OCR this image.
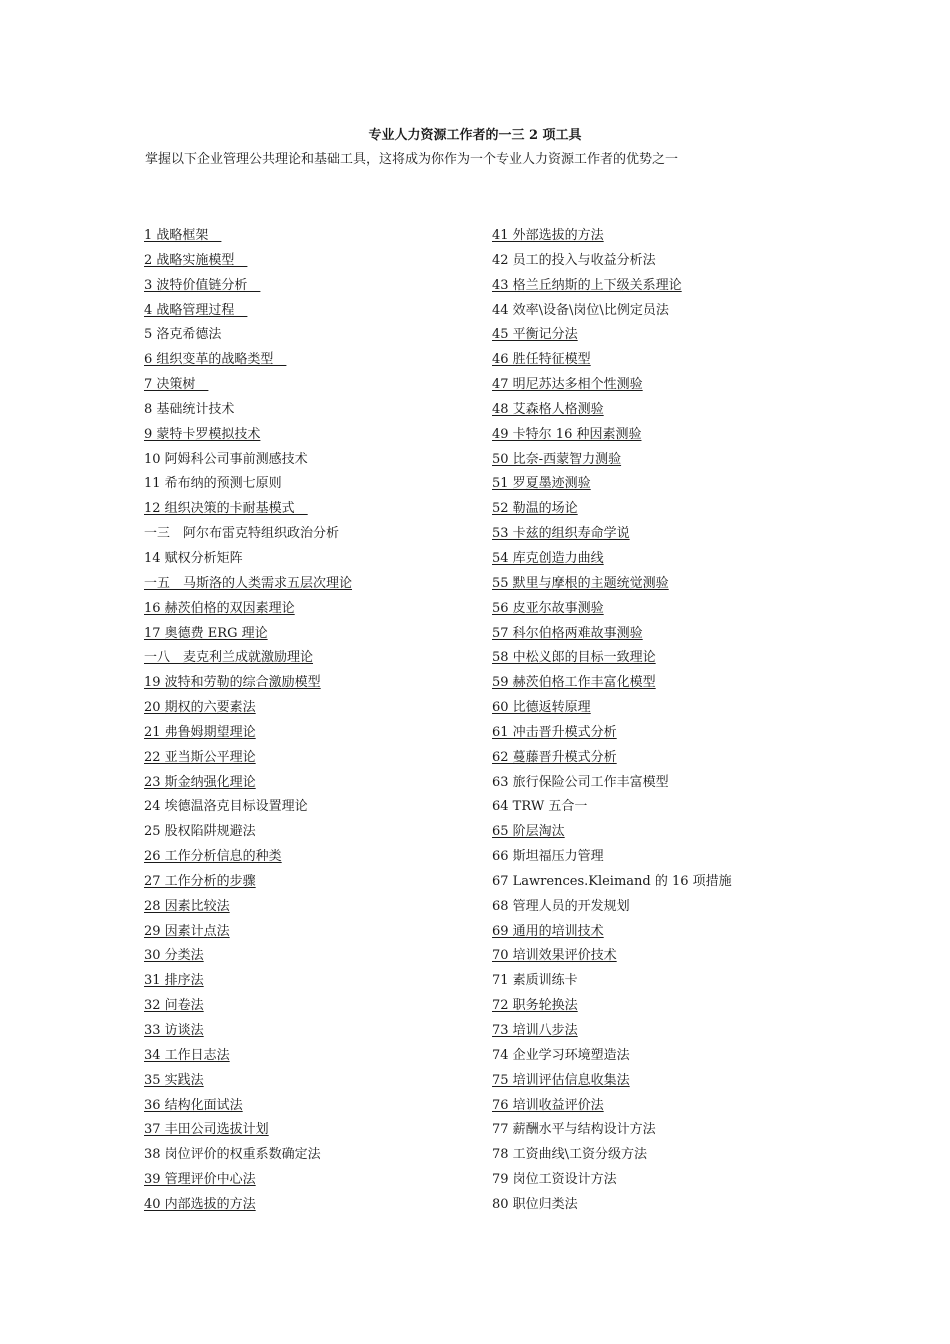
专业人力资源工作者的一三 2 项工具
掌握以下企业管理公共理论和基础工具，这将成为你作为一个专业人力资源工作者的优势之一
1 战略框架　
2 战略实施模型　
3 波特价值链分析　
4 战略管理过程　
5 洛克希德法
6 组织变革的战略类型　
7 决策树　
8 基础统计技术
9 蒙特卡罗模拟技术
10 阿姆科公司事前测感技术
11 希布纳的预测七原则
12 组织决策的卡耐基模式　
一三　阿尔布雷克特组织政治分析
14 赋权分析矩阵
一五　马斯洛的人类需求五层次理论
16 赫茨伯格的双因素理论
17 奥德费 ERG 理论
一八　麦克利兰成就激励理论
19 波特和劳勒的综合激励模型
20 期权的六要素法
21 弗鲁姆期望理论
22 亚当斯公平理论
23 斯金纳强化理论
24 埃德温洛克目标设置理论
25 股权陷阱规避法
26 工作分析信息的种类
27 工作分析的步骤
28 因素比较法
29 因素计点法
30 分类法
31 排序法
32 问卷法
33 访谈法
34 工作日志法
35 实践法
36 结构化面试法
37 丰田公司选拔计划
38 岗位评价的权重系数确定法
39 管理评价中心法
40 内部选拔的方法
41 外部选拔的方法
42 员工的投入与收益分析法
43 格兰丘纳斯的上下级关系理论
44 效率\设备\岗位\比例定员法
45 平衡记分法
46 胜任特征模型
47 明尼苏达多相个性测验
48 艾森格人格测验
49 卡特尔 16 种因素测验
50 比奈-西蒙智力测验
51 罗夏墨迹测验
52 勒温的场论
53 卡兹的组织寿命学说
54 库克创造力曲线
55 默里与摩根的主题统觉测验
56 皮亚尔故事测验
57 科尔伯格两难故事测验
58 中松义郎的目标一致理论
59 赫茨伯格工作丰富化模型
60 比德返转原理
61 冲击晋升模式分析
62 蔓藤晋升模式分析
63 旅行保险公司工作丰富模型
64 TRW 五合一
65 阶层淘汰
66 斯坦福压力管理
67 Lawrences.Kleimand 的 16 项措施
68 管理人员的开发规划
69 通用的培训技术
70 培训效果评价技术
71 素质训练卡
72 职务轮换法
73 培训八步法
74 企业学习环境塑造法
75 培训评估信息收集法
76 培训收益评价法
77 薪酬水平与结构设计方法
78 工资曲线\工资分级方法
79 岗位工资设计方法
80 职位归类法
